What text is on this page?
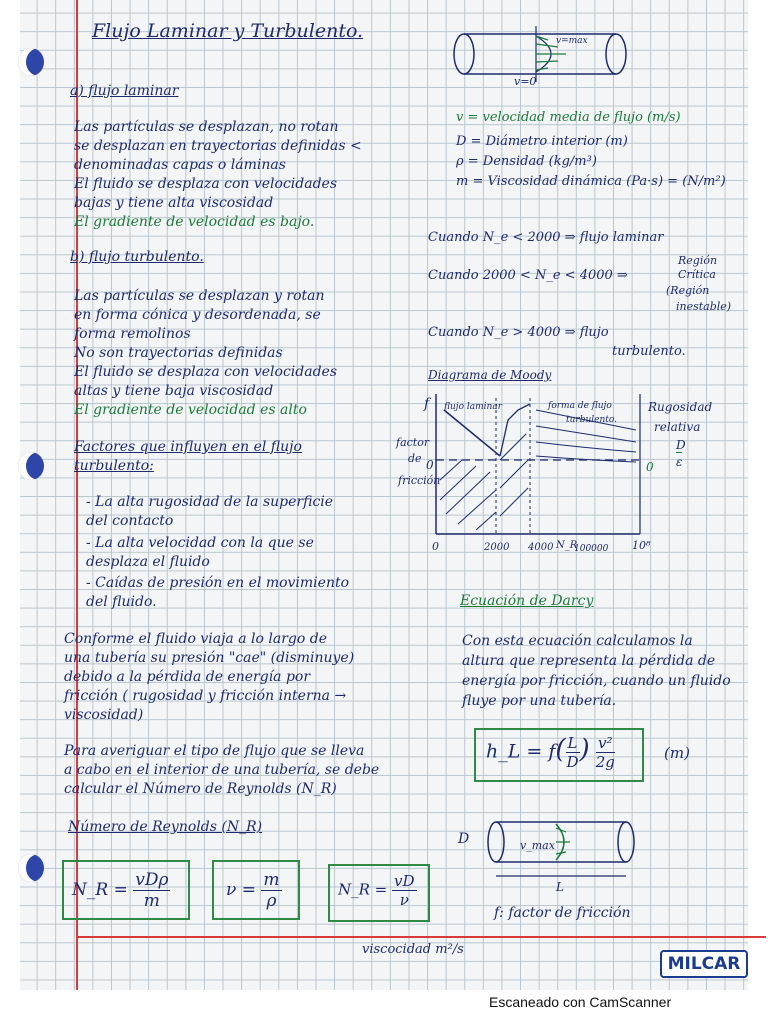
Flujo Laminar y Turbulento.
a) flujo laminar
Las partículas se desplazan, no rotan
se desplazan en trayectorias definidas <
denominadas capas o láminas
El fluido se desplaza con velocidades
bajas y tiene alta viscosidad
El gradiente de velocidad es bajo.
b) flujo turbulento.
Las partículas se desplazan y rotan
en forma cónica y desordenada, se
forma remolinos
No son trayectorias definidas
El fluido se desplaza con velocidades
altas y tiene baja viscosidad
El gradiente de velocidad es alto
Factores que influyen en el flujo
turbulento:
- La alta rugosidad de la superficie
del contacto
- La alta velocidad con la que se
desplaza el fluido
- Caídas de presión en el movimiento
del fluido.
Conforme el fluido viaja a lo largo de
una tubería su presión "cae" (disminuye)
debido a la pérdida de energía por
fricción ( rugosidad y fricción interna →
viscosidad)
Para averiguar el tipo de flujo que se lleva
a cabo en el interior de una tubería, se debe
calcular el Número de Reynolds (N_R)
Número de Reynolds (N_R)
N_R = $\frac{\text{vDρ}}{m}$	$\nu = \frac{m}{\rho}$	N_R = $\frac{vD}{\nu}$
viscocidad m²/s
v=max
v=0
v = velocidad media de flujo (m/s)
D = Diámetro interior (m)
ρ = Densidad (kg/m³)
m = Viscosidad dinámica (Pa·s) = (N/m²)
Cuando N_e < 2000 ⇒ flujo laminar
Cuando 2000 < N_e < 4000 ⇒
Región
Crítica
(Región
inestable)
Cuando N_e > 4000 ⇒ flujo
turbulento.
Diagrama de Moody
f
factor
de
fricción
0
flujo laminar	forma de flujo
turbulento.
Rugosidad
relativa
D
ε
0
0	2000 4000 N_R
100000 10⁸
Ecuación de Darcy
Con esta ecuación calculamos la
altura que representa la pérdida de
energía por fricción, cuando un fluido
fluye por una tubería.
h_L = $f( \frac{L}{D}$ ) $\frac{\text{v²}}{2g}$	(m)
D	v_max
L
f: factor de fricción
MILCAR
Escaneado con CamScanner
